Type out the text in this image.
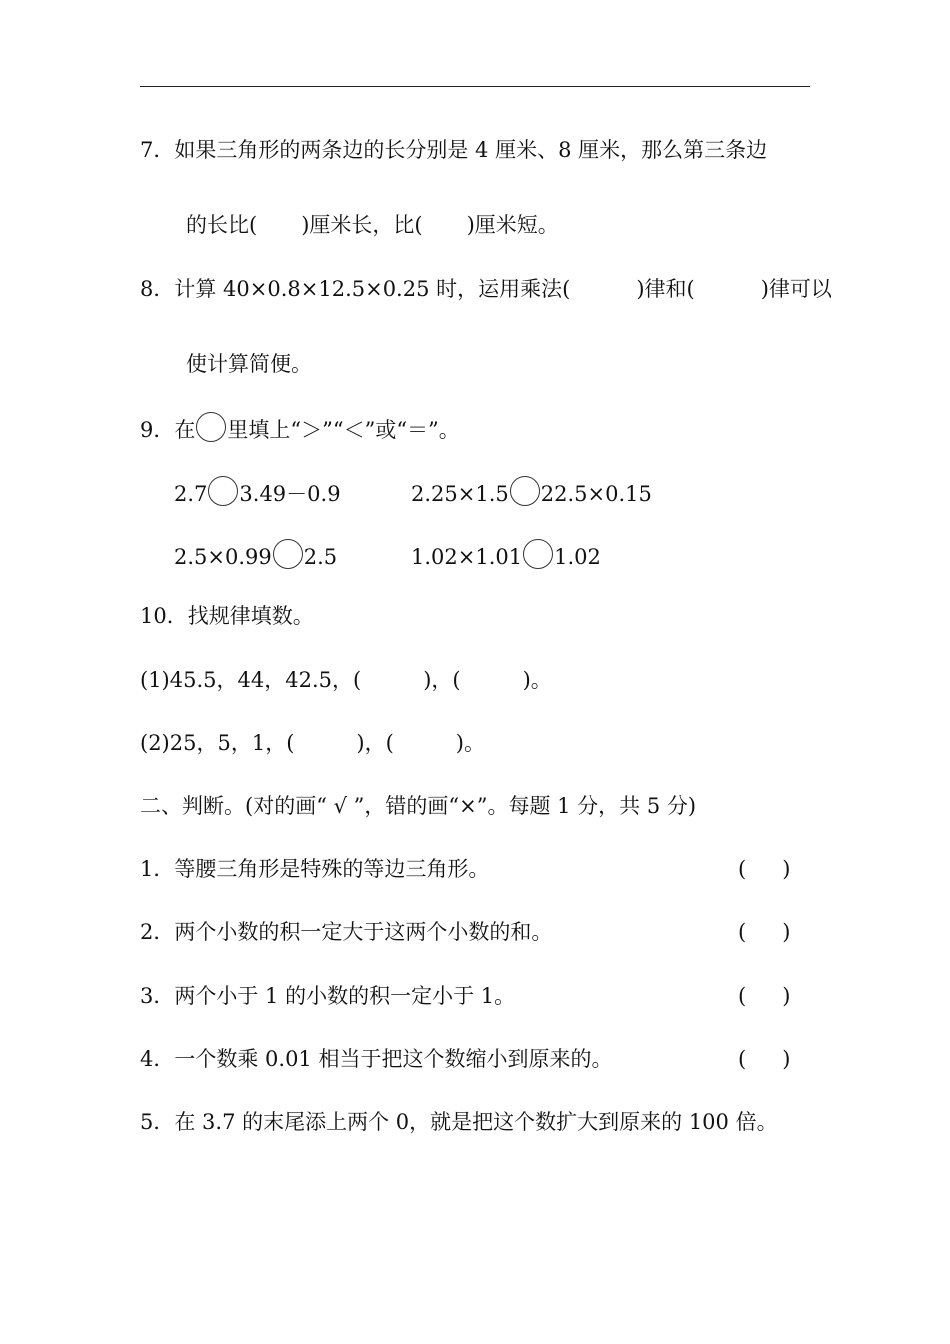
7．如果三角形的两条边的长分别是 4 厘米、8 厘米，那么第三条边
的长比( )厘米长，比( )厘米短。
8．计算 40×0.8×12.5×0.25 时，运用乘法(	)律和(	)律可以
使计算简便。
9．在 里填上“＞”“＜”或“＝”。
2.7 3.49－0.9	2.25×1.5 22.5×0.15
2.5×0.99 2.5	1.02×1.01 1.02
10．找规律填数。
(1)45.5，44，42.5，(	)，(	)。
(2)25，5，1，(	)，(	)。
二、判断。(对的画“ √ ”，错的画“×”。每题 1 分，共 5 分)
1．等腰三角形是特殊的等边三角形。	( )
2．两个小数的积一定大于这两个小数的和。	( )
3．两个小于 1 的小数的积一定小于 1。	( )
4．一个数乘 0.01 相当于把这个数缩小到原来的。	( )
5．在 3.7 的末尾添上两个 0，就是把这个数扩大到原来的 100 倍。
